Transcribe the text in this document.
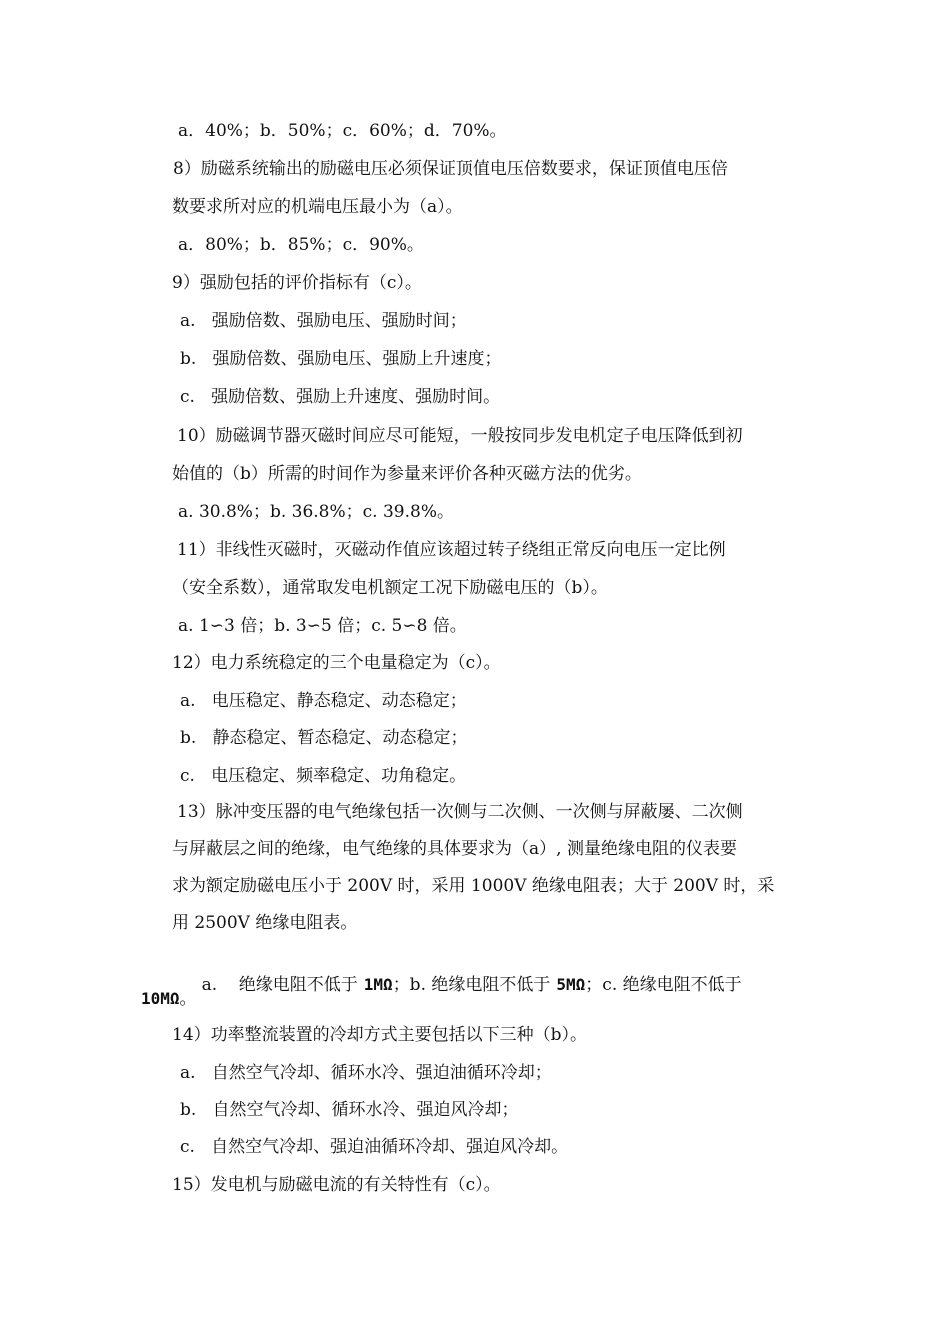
a．40%；b．50%；c．60%；d．70%。
8）励磁系统输出的励磁电压必须保证顶值电压倍数要求，保证顶值电压倍
数要求所对应的机端电压最小为（a）。
a．80%；b．85%；c．90%。
9）强励包括的评价指标有（c）。
a.   强励倍数、强励电压、强励时间；
b.   强励倍数、强励电压、强励上升速度；
c.   强励倍数、强励上升速度、强励时间。
10）励磁调节器灭磁时间应尽可能短，一般按同步发电机定子电压降低到初
始值的（b）所需的时间作为参量来评价各种灭磁方法的优劣。
a. 30.8%；b. 36.8%；c. 39.8%。
11）非线性灭磁时，灭磁动作值应该超过转子绕组正常反向电压一定比例
（安全系数），通常取发电机额定工况下励磁电压的（b）。
a. 1∽3 倍；b. 3∽5 倍；c. 5∽8 倍。
12）电力系统稳定的三个电量稳定为（c）。
a.   电压稳定、静态稳定、动态稳定；
b.   静态稳定、暂态稳定、动态稳定；
c.   电压稳定、频率稳定、功角稳定。
13）脉冲变压器的电气绝缘包括一次侧与二次侧、一次侧与屏蔽屡、二次侧
与屏蔽层之间的绝缘，电气绝缘的具体要求为（a）, 测量绝缘电阻的仪表要
求为额定励磁电压小于 200V 时，采用 1000V 绝缘电阻表；大于 200V 时，采
用 2500V 绝缘电阻表。

a.    绝缘电阻不低于 1MΩ；b. 绝缘电阻不低于 5MΩ；c. 绝缘电阻不低于

10MΩ。
14）功率整流装置的冷却方式主要包括以下三种（b）。
a.   自然空气冷却、循环水冷、强迫油循环冷却；
b.   自然空气冷却、循环水冷、强迫风冷却；
c.   自然空气冷却、强迫油循环冷却、强迫风冷却。
15）发电机与励磁电流的有关特性有（c）。
